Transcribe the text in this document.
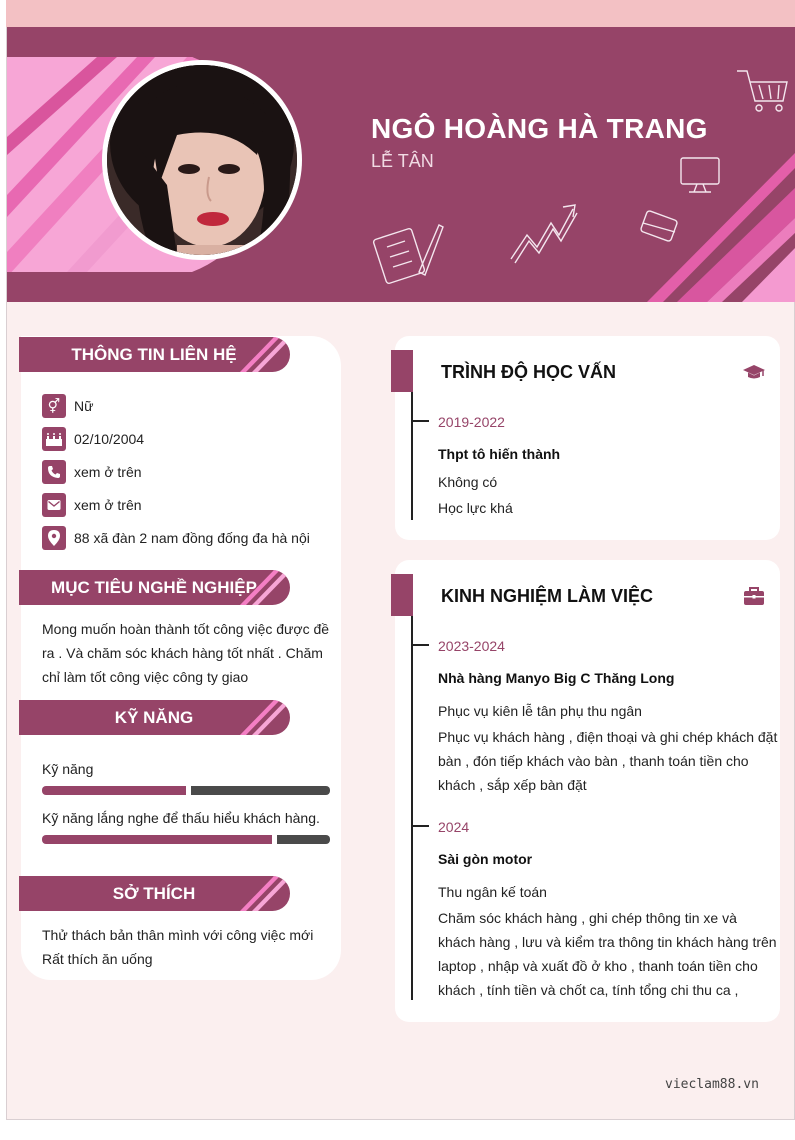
NGÔ HOÀNG HÀ TRANG
LỄ TÂN
THÔNG TIN LIÊN HỆ
⚥ Nữ
02/10/2004
xem ở trên
xem ở trên
88 xã đàn 2 nam đồng đống đa hà nội
MỤC TIÊU NGHỀ NGHIỆP
Mong muốn hoàn thành tốt công việc được đề ra . Và chăm sóc khách hàng tốt nhất . Chăm chỉ làm tốt công việc công ty giao
KỸ NĂNG
Kỹ năng
Kỹ năng lắng nghe để thấu hiểu khách hàng.
SỞ THÍCH
Thử thách bản thân mình với công việc mới
Rất thích ăn uống
TRÌNH ĐỘ HỌC VẤN
2019-2022
Thpt tô hiến thành
Không có
Học lực khá
KINH NGHIỆM LÀM VIỆC
2023-2024
Nhà hàng Manyo Big C Thăng Long
Phục vụ kiên lễ tân phụ thu ngân
Phục vụ khách hàng , điện thoại và ghi chép khách đặt bàn , đón tiếp khách vào bàn , thanh toán tiền cho khách , sắp xếp bàn đặt
2024
Sài gòn motor
Thu ngân kế toán
Chăm sóc khách hàng , ghi chép thông tin xe và khách hàng , lưu và kiểm tra thông tin khách hàng trên laptop , nhập và xuất đồ ở kho , thanh toán tiền cho khách , tính tiền và chốt ca, tính tổng chi thu ca ,
vieclam88.vn
